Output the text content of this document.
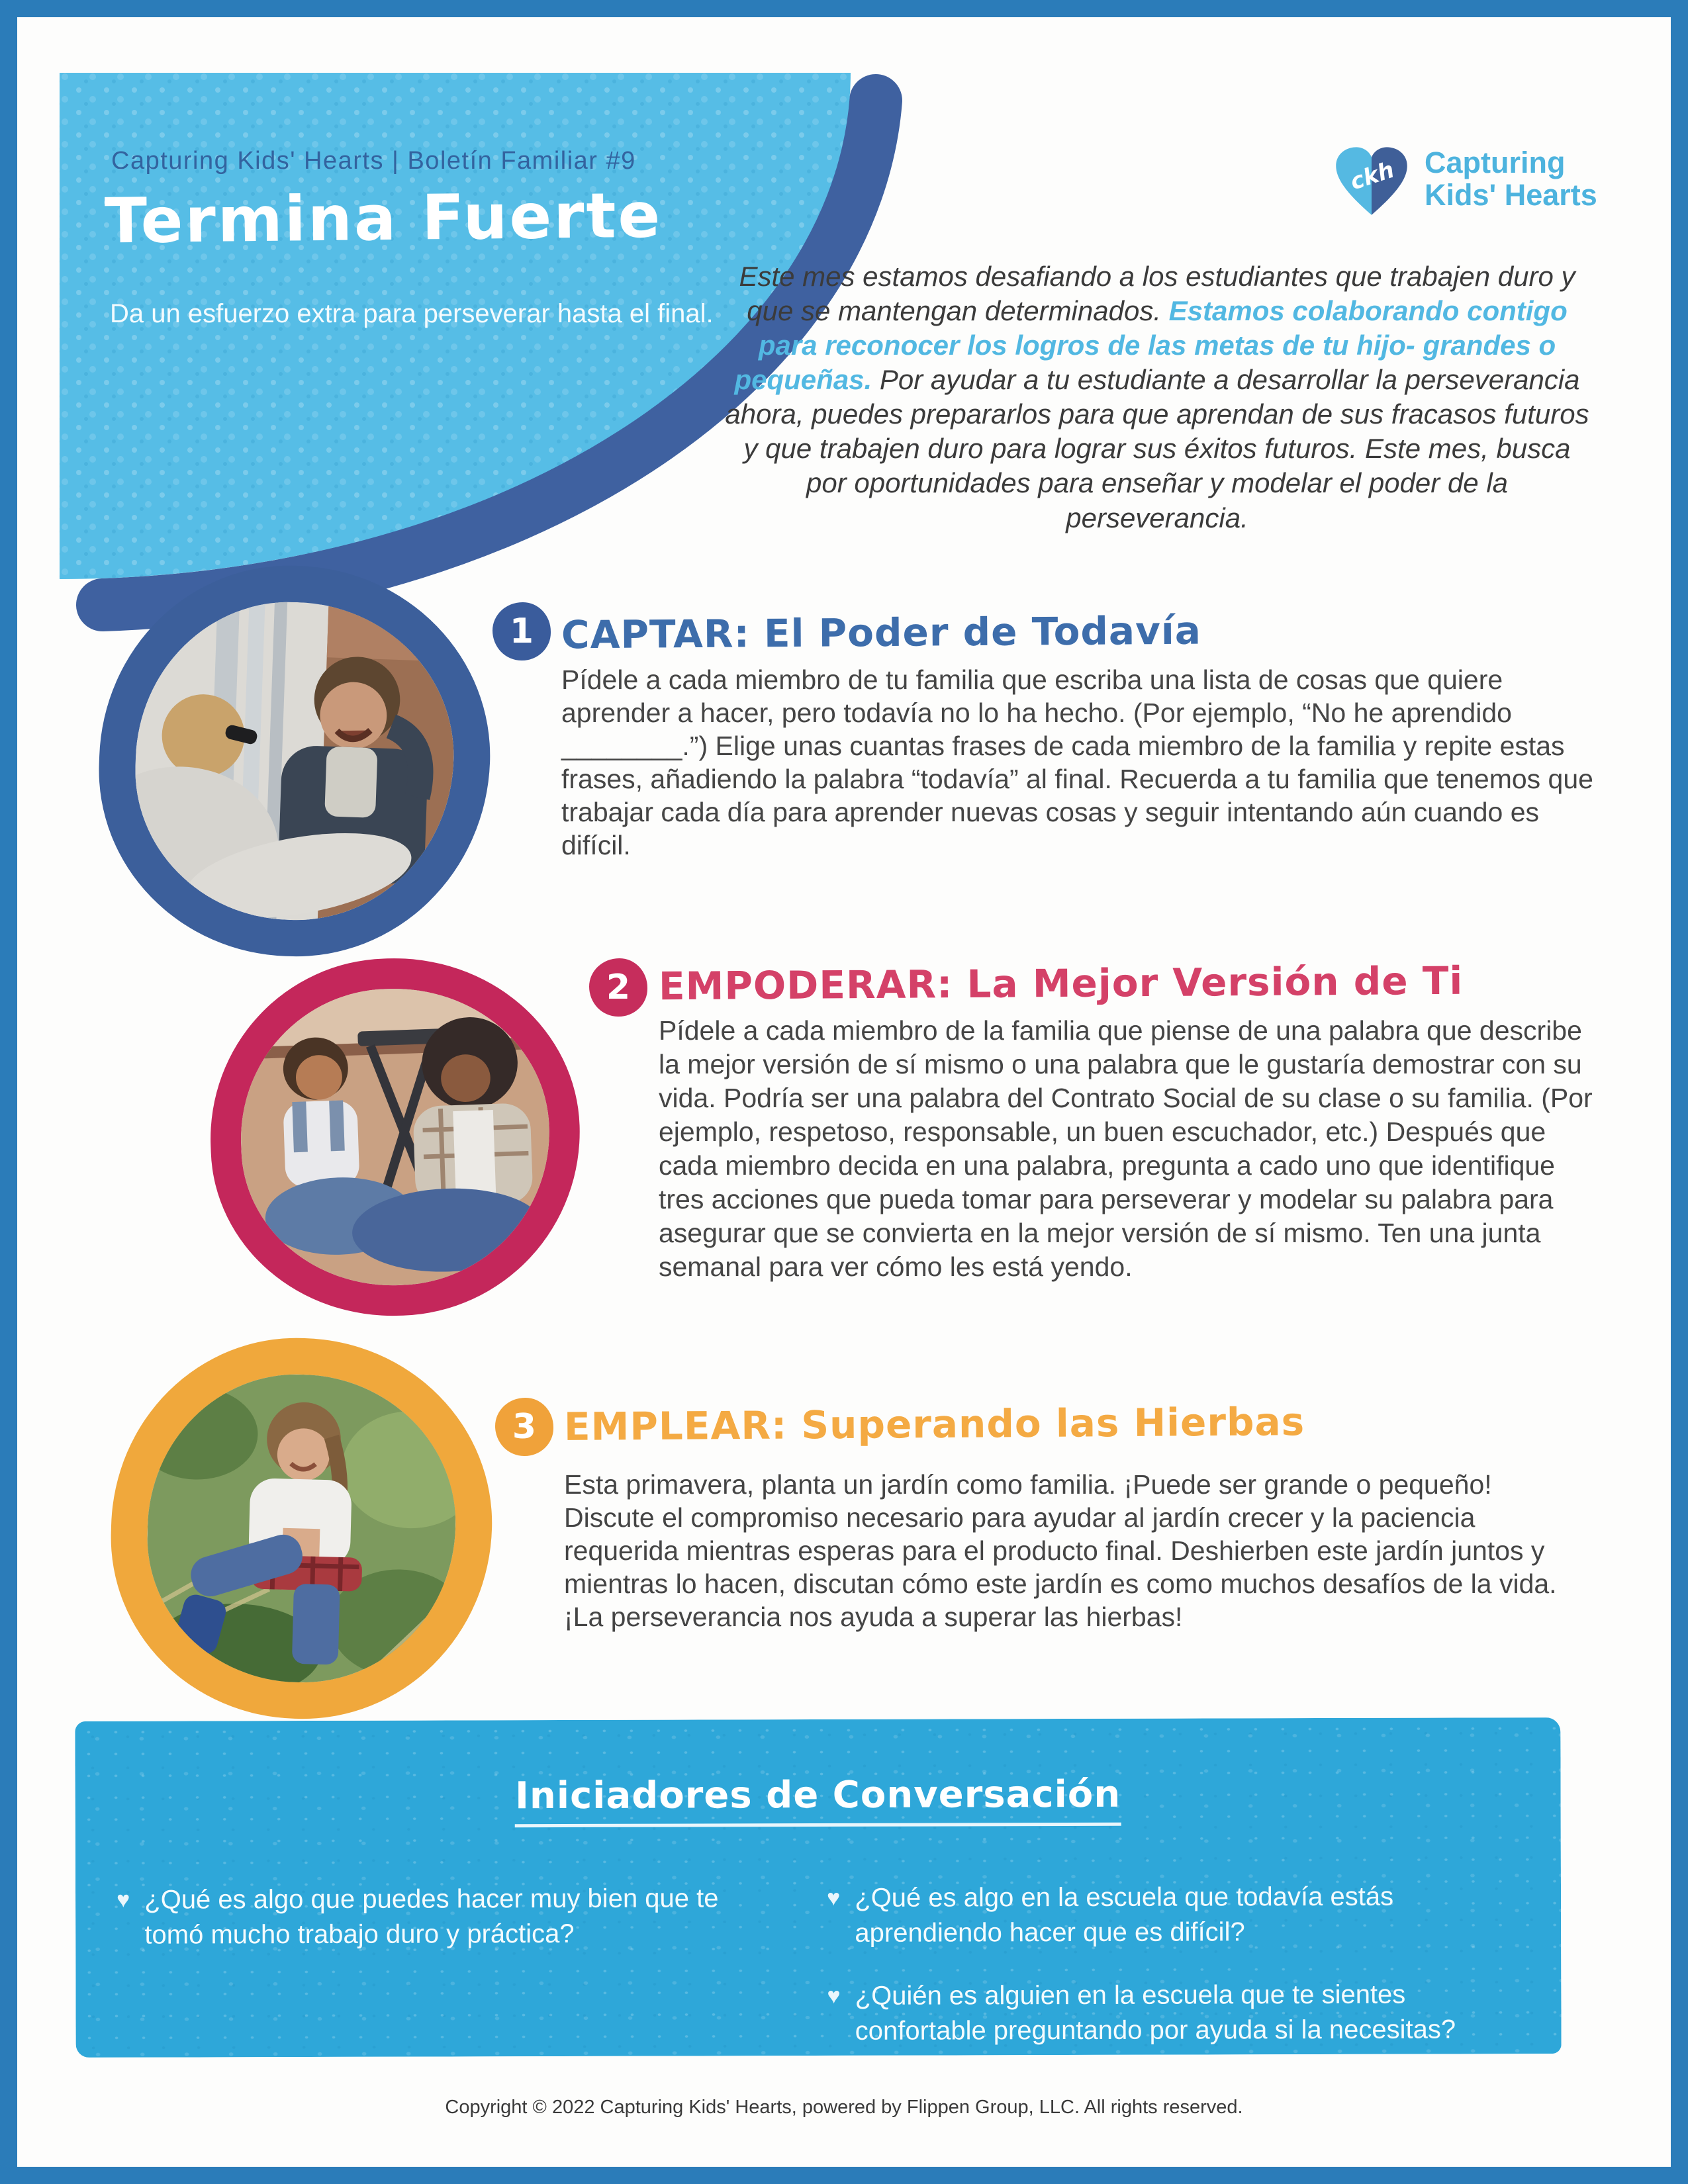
Capturing Kids' Hearts | Boletín Familiar #9
Termina Fuerte
Da un esfuerzo extra para perseverar hasta el final.
ckh Capturing
Kids' Hearts
Este mes estamos desafiando a los estudiantes que trabajen duro y que se mantengan determinados. Estamos colaborando contigo para reconocer los logros de las metas de tu hijo- grandes o pequeñas. Por ayudar a tu estudiante a desarrollar la perseverancia ahora, puedes prepararlos para que aprendan de sus fracasos futuros y que trabajen duro para lograr sus éxitos futuros. Este mes, busca por oportunidades para enseñar y modelar el poder de la perseverancia.
1 CAPTAR: El Poder de Todavía
Pídele a cada miembro de tu familia que escriba una lista de cosas que quiere aprender a hacer, pero todavía no lo ha hecho. (Por ejemplo, “No he aprendido ________.”) Elige unas cuantas frases de cada miembro de la familia y repite estas frases, añadiendo la palabra “todavía” al final. Recuerda a tu familia que tenemos que trabajar cada día para aprender nuevas cosas y seguir intentando aún cuando es difícil.
2 EMPODERAR: La Mejor Versión de Ti
Pídele a cada miembro de la familia que piense de una palabra que describe la mejor versión de sí mismo o una palabra que le gustaría demostrar con su vida. Podría ser una palabra del Contrato Social de su clase o su familia. (Por ejemplo, respetoso, responsable, un buen escuchador, etc.) Después que cada miembro decida en una palabra, pregunta a cado uno que identifique tres acciones que pueda tomar para perseverar y modelar su palabra para asegurar que se convierta en la mejor versión de sí mismo. Ten una junta semanal para ver cómo les está yendo.
3 EMPLEAR: Superando las Hierbas
Esta primavera, planta un jardín como familia. ¡Puede ser grande o pequeño! Discute el compromiso necesario para ayudar al jardín crecer y la paciencia requerida mientras esperas para el producto final. Deshierben este jardín juntos y mientras lo hacen, discutan cómo este jardín es como muchos desafíos de la vida. ¡La perseverancia nos ayuda a superar las hierbas!
Iniciadores de Conversación
♥ ¿Qué es algo que puedes hacer muy bien que te tomó mucho trabajo duro y práctica?
♥ ¿Qué es algo en la escuela que todavía estás aprendiendo hacer que es difícil?
♥ ¿Quién es alguien en la escuela que te sientes confortable preguntando por ayuda si la necesitas?
Copyright © 2022 Capturing Kids' Hearts, powered by Flippen Group, LLC. All rights reserved.
